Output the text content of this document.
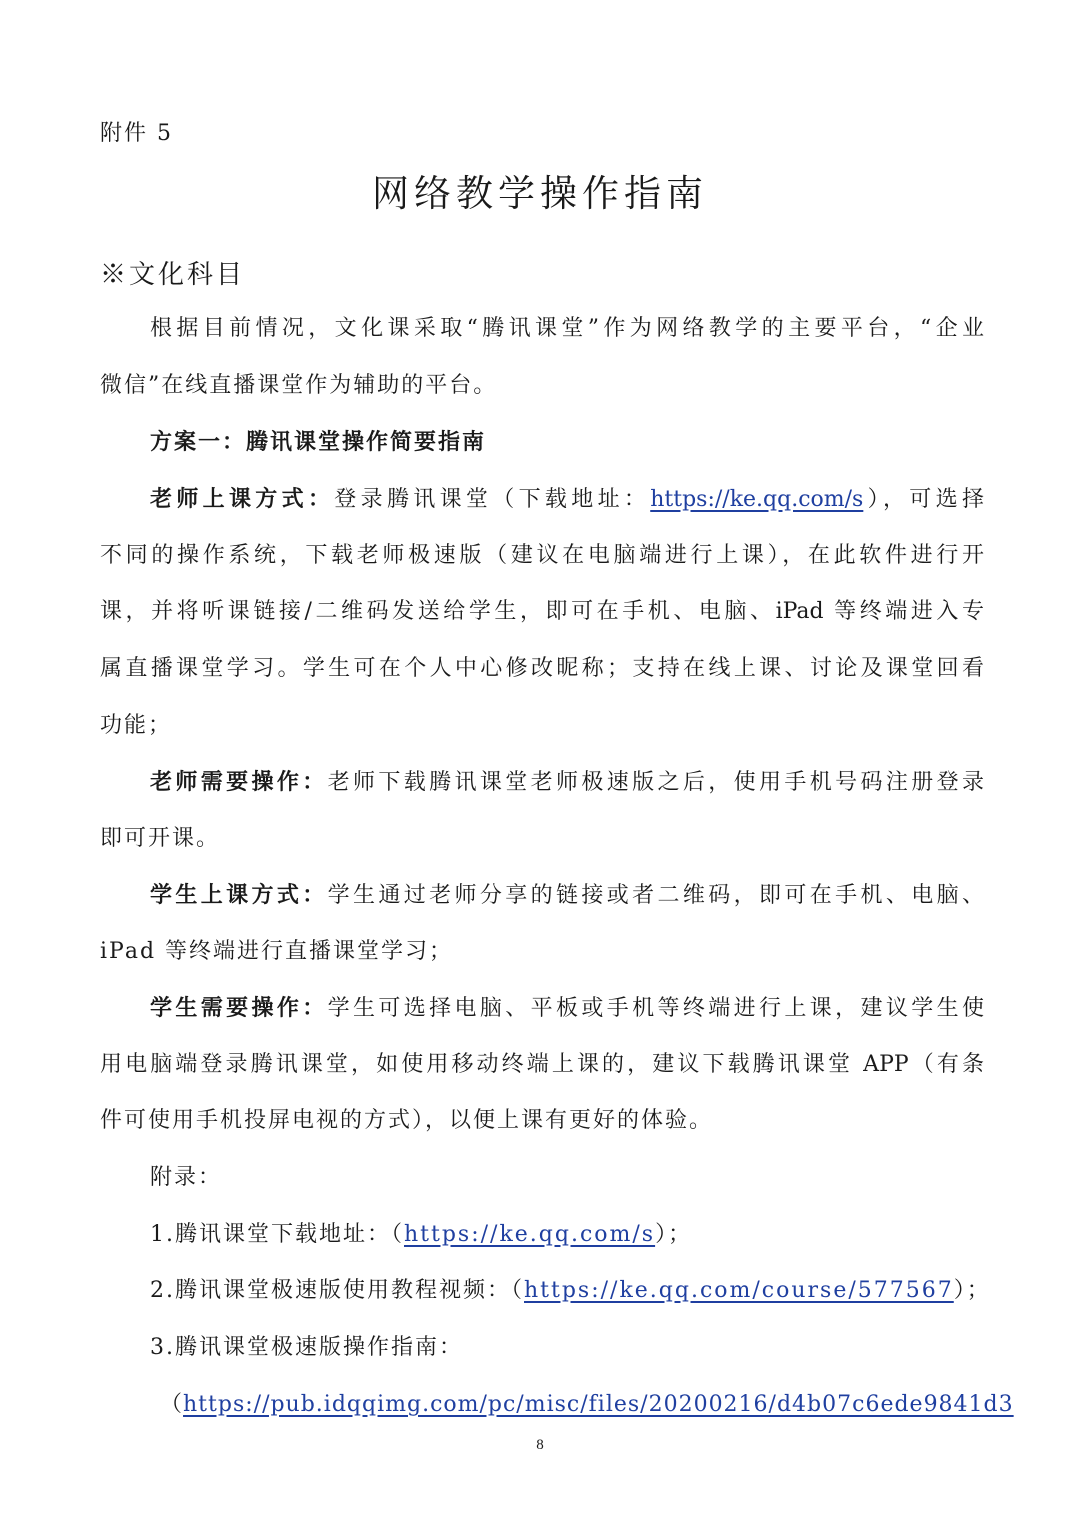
附件 5
网络教学操作指南
※文化科目
根据目前情况，文化课采取“腾讯课堂”作为网络教学的主要平台，“企业
微信”在线直播课堂作为辅助的平台。
方案一：腾讯课堂操作简要指南
老师上课方式：登录腾讯课堂（下载地址：https://ke.qq.com/s），可选择
不同的操作系统，下载老师极速版（建议在电脑端进行上课），在此软件进行开
课，并将听课链接/二维码发送给学生，即可在手机、电脑、iPad 等终端进入专
属直播课堂学习。学生可在个人中心修改昵称；支持在线上课、讨论及课堂回看
功能；
老师需要操作：老师下载腾讯课堂老师极速版之后，使用手机号码注册登录
即可开课。
学生上课方式：学生通过老师分享的链接或者二维码，即可在手机、电脑、
iPad 等终端进行直播课堂学习；
学生需要操作：学生可选择电脑、平板或手机等终端进行上课，建议学生使
用电脑端登录腾讯课堂，如使用移动终端上课的，建议下载腾讯课堂 APP（有条
件可使用手机投屏电视的方式），以便上课有更好的体验。
附录：
1.腾讯课堂下载地址：（https://ke.qq.com/s）；
2.腾讯课堂极速版使用教程视频：（https://ke.qq.com/course/577567）；
3.腾讯课堂极速版操作指南：
（https://pub.idqqimg.com/pc/misc/files/20200216/d4b07c6ede9841d3
8
